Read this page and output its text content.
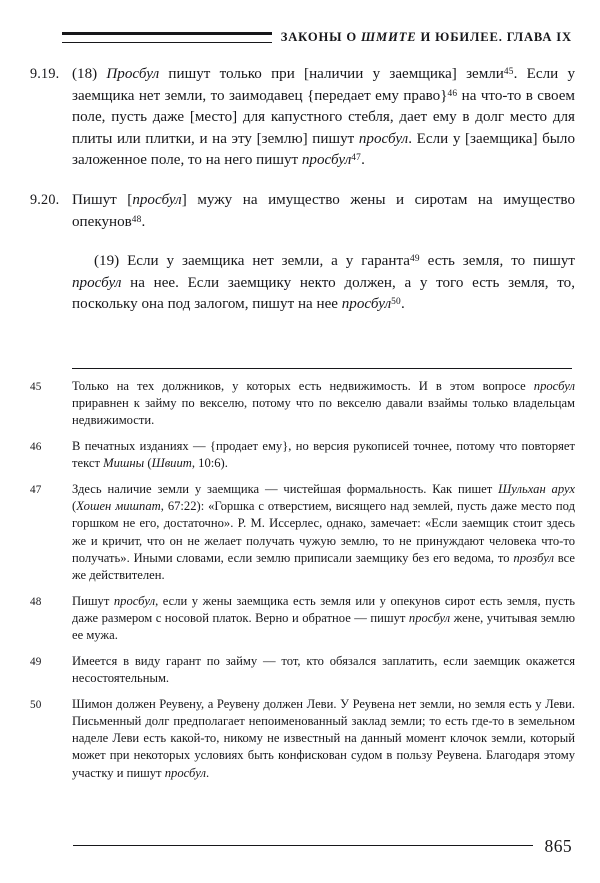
ЗАКОНЫ О ШМИТЕ И ЮБИЛЕЕ. ГЛАВА IX
9.19. (18) Просбул пишут только при [наличии у заемщика] земли$^{45}$. Если у заемщика нет земли, то заимодавец {передает ему право}$^{46}$ на что-то в своем поле, пусть даже [место] для капустного стебля, дает ему в долг место для плиты или плитки, и на эту [землю] пишут просбул. Если у [заемщика] было заложенное поле, то на него пишут просбул$^{47}$.
9.20. Пишут [просбул] мужу на имущество жены и сиротам на имущество опекунов$^{48}$.
(19) Если у заемщика нет земли, а у гаранта$^{49}$ есть земля, то пишут просбул на нее. Если заемщику некто должен, а у того есть земля, то, поскольку она под залогом, пишут на нее просбул$^{50}$.
45	Только на тех должников, у которых есть недвижимость. И в этом вопросе просбул приравнен к займу по векселю, потому что по векселю давали взаймы только владельцам недвижимости.
46	В печатных изданиях — {продает ему}, но версия рукописей точнее, потому что повторяет текст Мишны (Швиит, 10:6).
47	Здесь наличие земли у заемщика — чистейшая формальность. Как пишет Шульхан арух (Хошен мишпат, 67:22): «Горшка с отверстием, висящего над землей, пусть даже место под горшком не его, достаточно». Р. М. Иссерлес, однако, замечает: «Если заемщик стоит здесь же и кричит, что он не желает получать чужую землю, то не принуждают человека что-то получать». Иными словами, если землю приписали заемщику без его ведома, то прозбул все же действителен.
48	Пишут просбул, если у жены заемщика есть земля или у опекунов сирот есть земля, пусть даже размером с носовой платок. Верно и обратное — пишут просбул жене, учитывая землю ее мужа.
49	Имеется в виду гарант по займу — тот, кто обязался заплатить, если заемщик окажется несостоятельным.
50	Шимон должен Реувену, а Реувену должен Леви. У Реувена нет земли, но земля есть у Леви. Письменный долг предполагает непоименованный заклад земли; то есть где-то в земельном наделе Леви есть какой-то, никому не известный на данный момент клочок земли, который может при некоторых условиях быть конфискован судом в пользу Реувена. Благодаря этому участку и пишут просбул.
865
